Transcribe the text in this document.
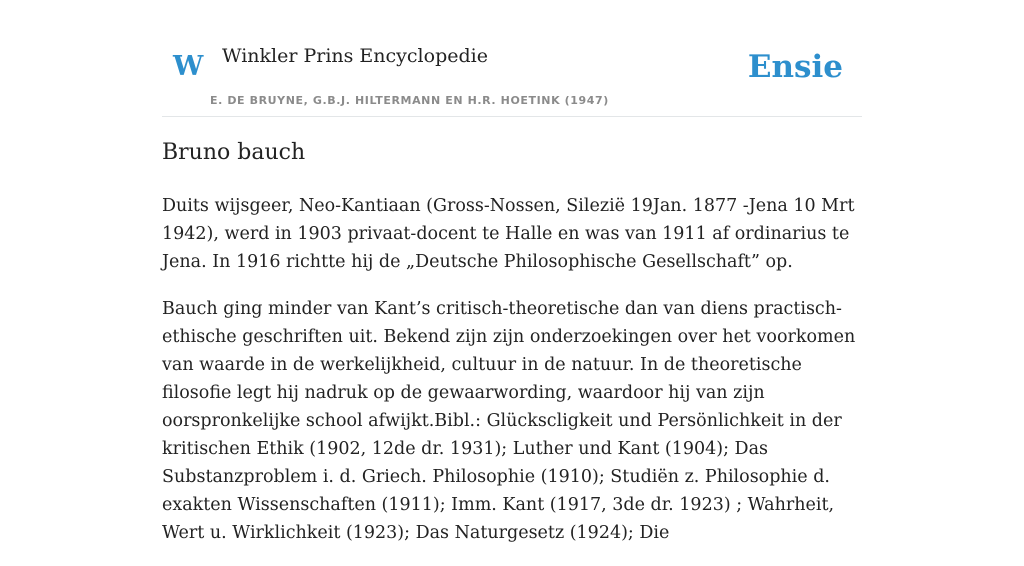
W Winkler Prins Encyclopedie
E. DE BRUYNE, G.B.J. HILTERMANN EN H.R. HOETINK (1947)
Ensie
Bruno bauch

Duits wijsgeer, Neo-Kantiaan (Gross-Nossen, Silezië 19Jan. 1877 -Jena 10 Mrt 1942), werd in 1903 privaat-docent te Halle en was van 1911 af ordinarius te Jena. In 1916 richtte hij de „Deutsche Philosophische Gesellschaft” op.

Bauch ging minder van Kant’s critisch-theoretische dan van diens practisch-ethische geschriften uit. Bekend zijn zijn onderzoekingen over het voorkomen van waarde in de werkelijkheid, cultuur in de natuur. In de theoretische filosofie legt hij nadruk op de gewaarwording, waardoor hij van zijn oorspronkelijke school afwijkt.Bibl.: Glückscligkeit und Persönlichkeit in der kritischen Ethik (1902, 12de dr. 1931); Luther und Kant (1904); Das Substanzproblem i. d. Griech. Philosophie (1910); Studiën z. Philosophie d. exakten Wissenschaften (1911); Imm. Kant (1917, 3de dr. 1923) ; Wahrheit, Wert u. Wirklichkeit (1923); Das Naturgesetz (1924); Die
